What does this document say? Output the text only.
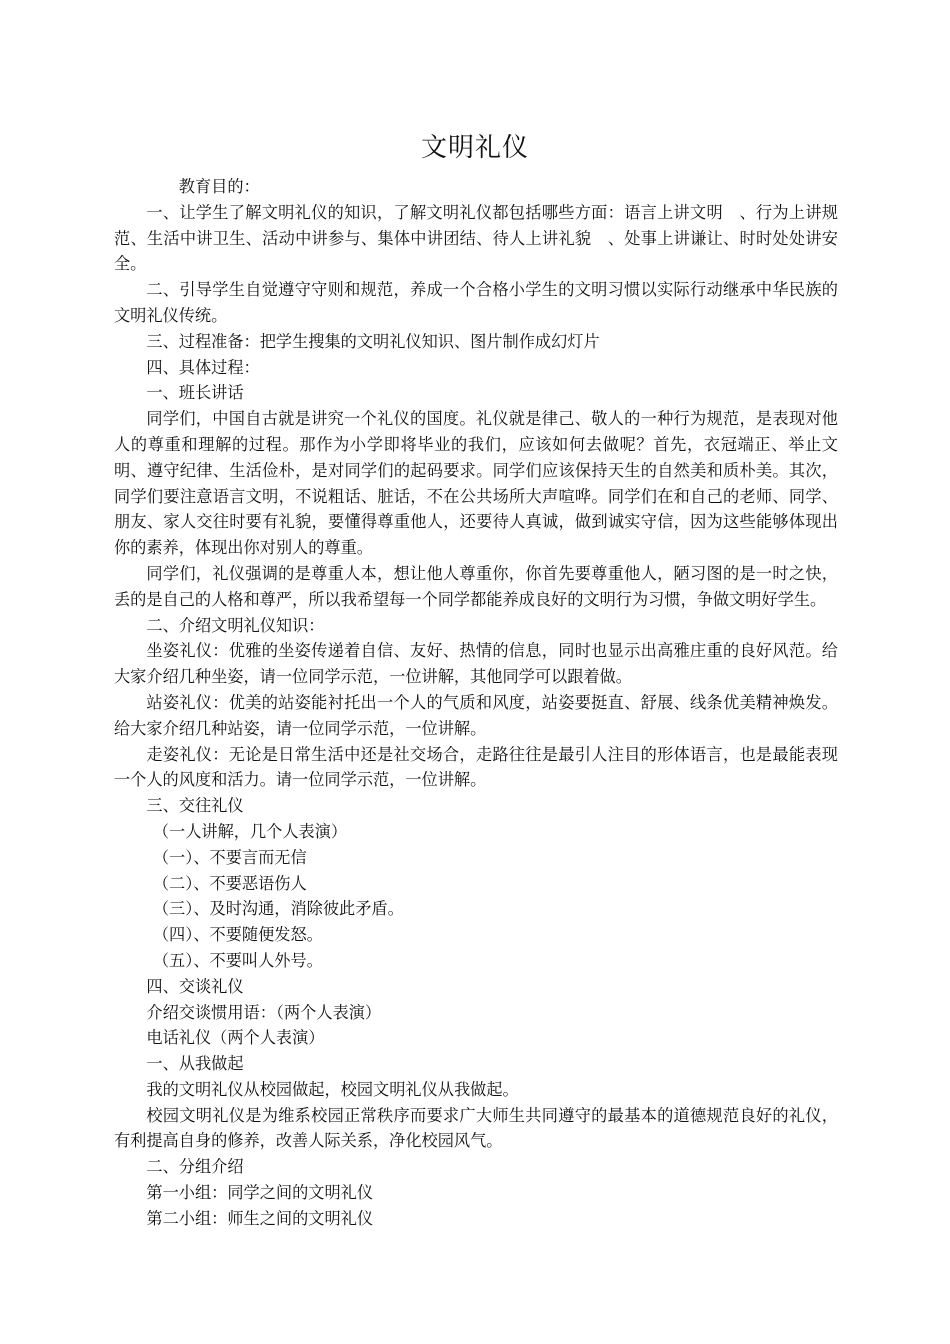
文明礼仪

教育目的：

一、让学生了解文明礼仪的知识，了解文明礼仪都包括哪些方面：语言上讲文明　、行为上讲规范、生活中讲卫生、活动中讲参与、集体中讲团结、待人上讲礼貌　、处事上讲谦让、时时处处讲安全。

二、引导学生自觉遵守守则和规范，养成一个合格小学生的文明习惯以实际行动继承中华民族的文明礼仪传统。

三、过程准备：把学生搜集的文明礼仪知识、图片制作成幻灯片

四、具体过程：

一、班长讲话

同学们，中国自古就是讲究一个礼仪的国度。礼仪就是律己、敬人的一种行为规范，是表现对他人的尊重和理解的过程。那作为小学即将毕业的我们，应该如何去做呢？首先，衣冠端正、举止文明、遵守纪律、生活俭朴，是对同学们的起码要求。同学们应该保持天生的自然美和质朴美。其次，同学们要注意语言文明，不说粗话、脏话，不在公共场所大声喧哗。同学们在和自己的老师、同学、朋友、家人交往时要有礼貌，要懂得尊重他人，还要待人真诚，做到诚实守信，因为这些能够体现出你的素养，体现出你对别人的尊重。

同学们，礼仪强调的是尊重人本，想让他人尊重你，你首先要尊重他人，陋习图的是一时之快，丢的是自己的人格和尊严，所以我希望每一个同学都能养成良好的文明行为习惯，争做文明好学生。

二、介绍文明礼仪知识：

坐姿礼仪：优雅的坐姿传递着自信、友好、热情的信息，同时也显示出高雅庄重的良好风范。给大家介绍几种坐姿，请一位同学示范，一位讲解，其他同学可以跟着做。

站姿礼仪：优美的站姿能衬托出一个人的气质和风度，站姿要挺直、舒展、线条优美精神焕发。给大家介绍几种站姿，请一位同学示范，一位讲解。

走姿礼仪：无论是日常生活中还是社交场合，走路往往是最引人注目的形体语言，也是最能表现一个人的风度和活力。请一位同学示范，一位讲解。

三、交往礼仪

（一人讲解，几个人表演）

（一）、不要言而无信

（二）、不要恶语伤人

（三）、及时沟通，消除彼此矛盾。

（四）、不要随便发怒。

（五）、不要叫人外号。

四、交谈礼仪

介绍交谈惯用语：（两个人表演）

电话礼仪（两个人表演）

一、从我做起

我的文明礼仪从校园做起，校园文明礼仪从我做起。

校园文明礼仪是为维系校园正常秩序而要求广大师生共同遵守的最基本的道德规范良好的礼仪，有利提高自身的修养，改善人际关系，净化校园风气。

二、分组介绍

第一小组：同学之间的文明礼仪

第二小组：师生之间的文明礼仪
